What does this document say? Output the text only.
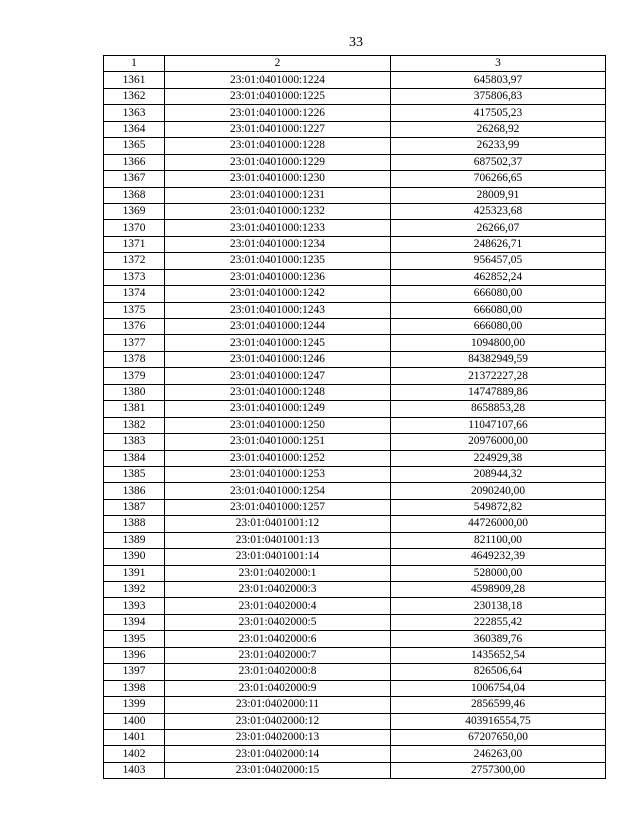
33
1	2	3
1361	23:01:0401000:1224	645803,97
1362	23:01:0401000:1225	375806,83
1363	23:01:0401000:1226	417505,23
1364	23:01:0401000:1227	26268,92
1365	23:01:0401000:1228	26233,99
1366	23:01:0401000:1229	687502,37
1367	23:01:0401000:1230	706266,65
1368	23:01:0401000:1231	28009,91
1369	23:01:0401000:1232	425323,68
1370	23:01:0401000:1233	26266,07
1371	23:01:0401000:1234	248626,71
1372	23:01:0401000:1235	956457,05
1373	23:01:0401000:1236	462852,24
1374	23:01:0401000:1242	666080,00
1375	23:01:0401000:1243	666080,00
1376	23:01:0401000:1244	666080,00
1377	23:01:0401000:1245	1094800,00
1378	23:01:0401000:1246	84382949,59
1379	23:01:0401000:1247	21372227,28
1380	23:01:0401000:1248	14747889,86
1381	23:01:0401000:1249	8658853,28
1382	23:01:0401000:1250	11047107,66
1383	23:01:0401000:1251	20976000,00
1384	23:01:0401000:1252	224929,38
1385	23:01:0401000:1253	208944,32
1386	23:01:0401000:1254	2090240,00
1387	23:01:0401000:1257	549872,82
1388	23:01:0401001:12	44726000,00
1389	23:01:0401001:13	821100,00
1390	23:01:0401001:14	4649232,39
1391	23:01:0402000:1	528000,00
1392	23:01:0402000:3	4598909,28
1393	23:01:0402000:4	230138,18
1394	23:01:0402000:5	222855,42
1395	23:01:0402000:6	360389,76
1396	23:01:0402000:7	1435652,54
1397	23:01:0402000:8	826506,64
1398	23:01:0402000:9	1006754,04
1399	23:01:0402000:11	2856599,46
1400	23:01:0402000:12	403916554,75
1401	23:01:0402000:13	67207650,00
1402	23:01:0402000:14	246263,00
1403	23:01:0402000:15	2757300,00
